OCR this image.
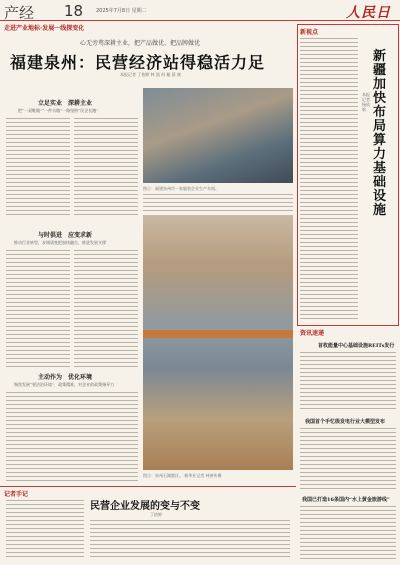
产经 18	2025年7月8日 星期二	人民日
走进产业地标·发展一线探变化
心无旁骛深耕主业，把产品做优、把品牌做优
福建泉州：民营经济站得稳活力足
本报记者 丁怡婷 林 凯 何 璇 薛 康
立足实业　深耕主业
把“一双鞋做”“一件衣做”一路坚持“民企长跑”
与时俱进　应变求新
推动行业转型，步调质变把加快融合，推进发展支撑
主动作为　优化环境
聚焦发展“要法治环境”，政策精准，对企业的政策指导力
图①：福建泉州市一家服装企业生产车间。
图②：泉州石湖港区。 新华社记者 林善传摄
新视点
新疆加快布局算力基础设施
本报记者 杨依晗
资讯速递
首枚能量中心基础设施REITs发行
我国首个手忆级发电行业大模型发布
我国已打造16条国内“水上黄金旅游线”
记者手记
民营企业发展的变与不变
丁怡婷
